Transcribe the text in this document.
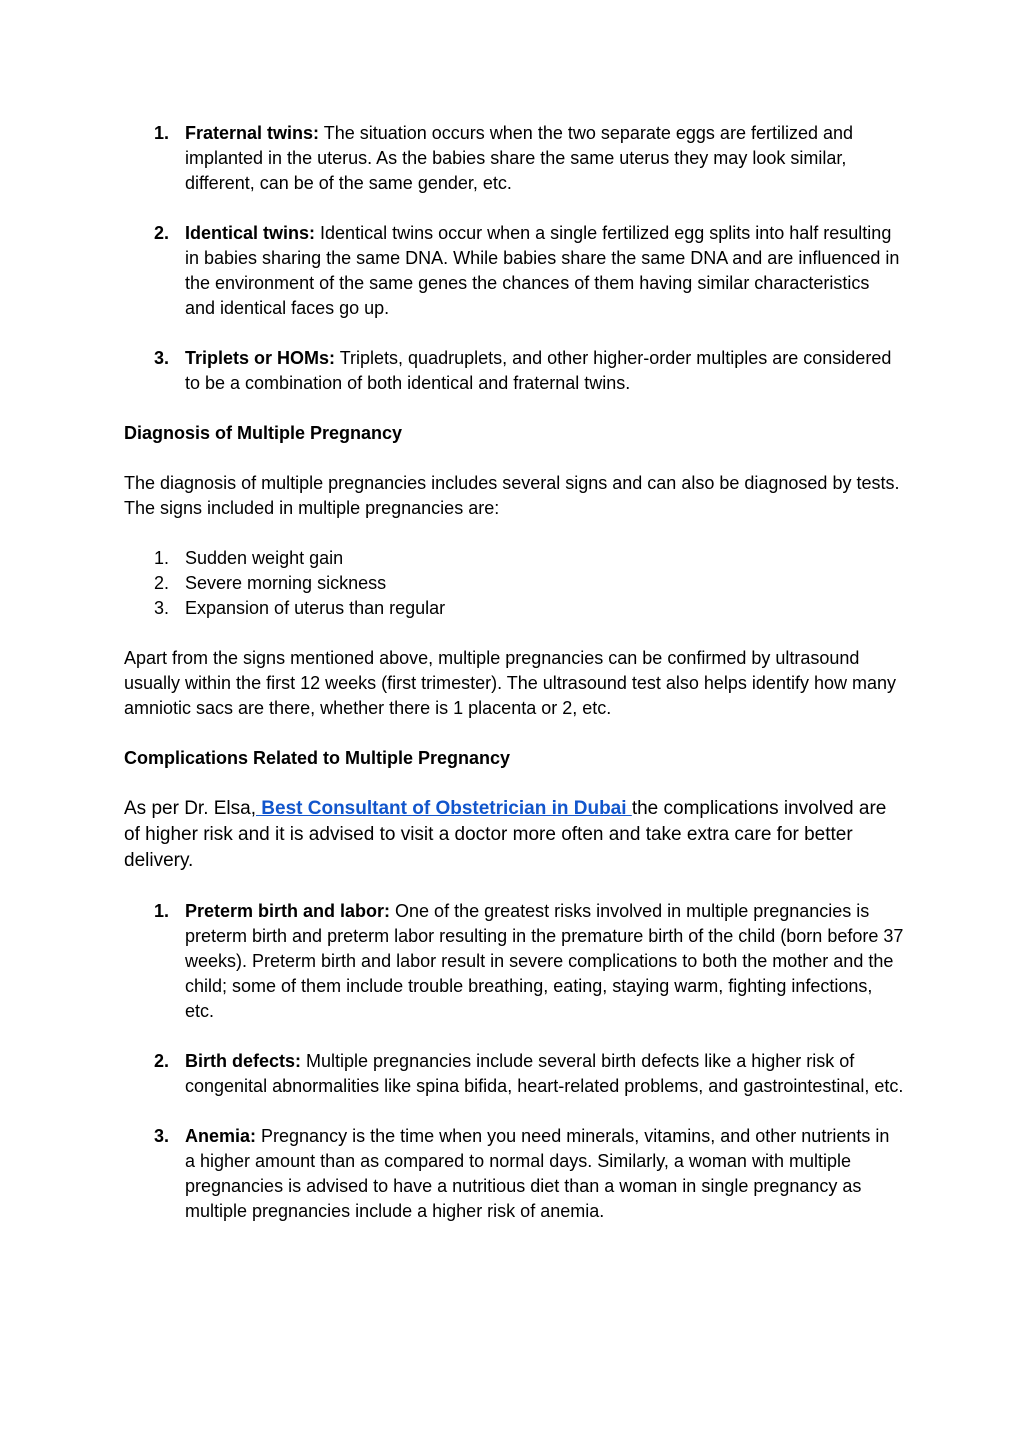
1. Fraternal twins: The situation occurs when the two separate eggs are fertilized and implanted in the uterus. As the babies share the same uterus they may look similar, different, can be of the same gender, etc.
2. Identical twins: Identical twins occur when a single fertilized egg splits into half resulting in babies sharing the same DNA. While babies share the same DNA and are influenced in the environment of the same genes the chances of them having similar characteristics and identical faces go up.
3. Triplets or HOMs: Triplets, quadruplets, and other higher-order multiples are considered to be a combination of both identical and fraternal twins.

Diagnosis of Multiple Pregnancy

The diagnosis of multiple pregnancies includes several signs and can also be diagnosed by tests. The signs included in multiple pregnancies are:

1. Sudden weight gain
2. Severe morning sickness
3. Expansion of uterus than regular

Apart from the signs mentioned above, multiple pregnancies can be confirmed by ultrasound usually within the first 12 weeks (first trimester). The ultrasound test also helps identify how many amniotic sacs are there, whether there is 1 placenta or 2, etc.

Complications Related to Multiple Pregnancy

As per Dr. Elsa, Best Consultant of Obstetrician in Dubai the complications involved are of higher risk and it is advised to visit a doctor more often and take extra care for better delivery.

1. Preterm birth and labor: One of the greatest risks involved in multiple pregnancies is preterm birth and preterm labor resulting in the premature birth of the child (born before 37 weeks). Preterm birth and labor result in severe complications to both the mother and the child; some of them include trouble breathing, eating, staying warm, fighting infections, etc.
2. Birth defects: Multiple pregnancies include several birth defects like a higher risk of congenital abnormalities like spina bifida, heart-related problems, and gastrointestinal, etc.
3. Anemia: Pregnancy is the time when you need minerals, vitamins, and other nutrients in a higher amount than as compared to normal days. Similarly, a woman with multiple pregnancies is advised to have a nutritious diet than a woman in single pregnancy as multiple pregnancies include a higher risk of anemia.
